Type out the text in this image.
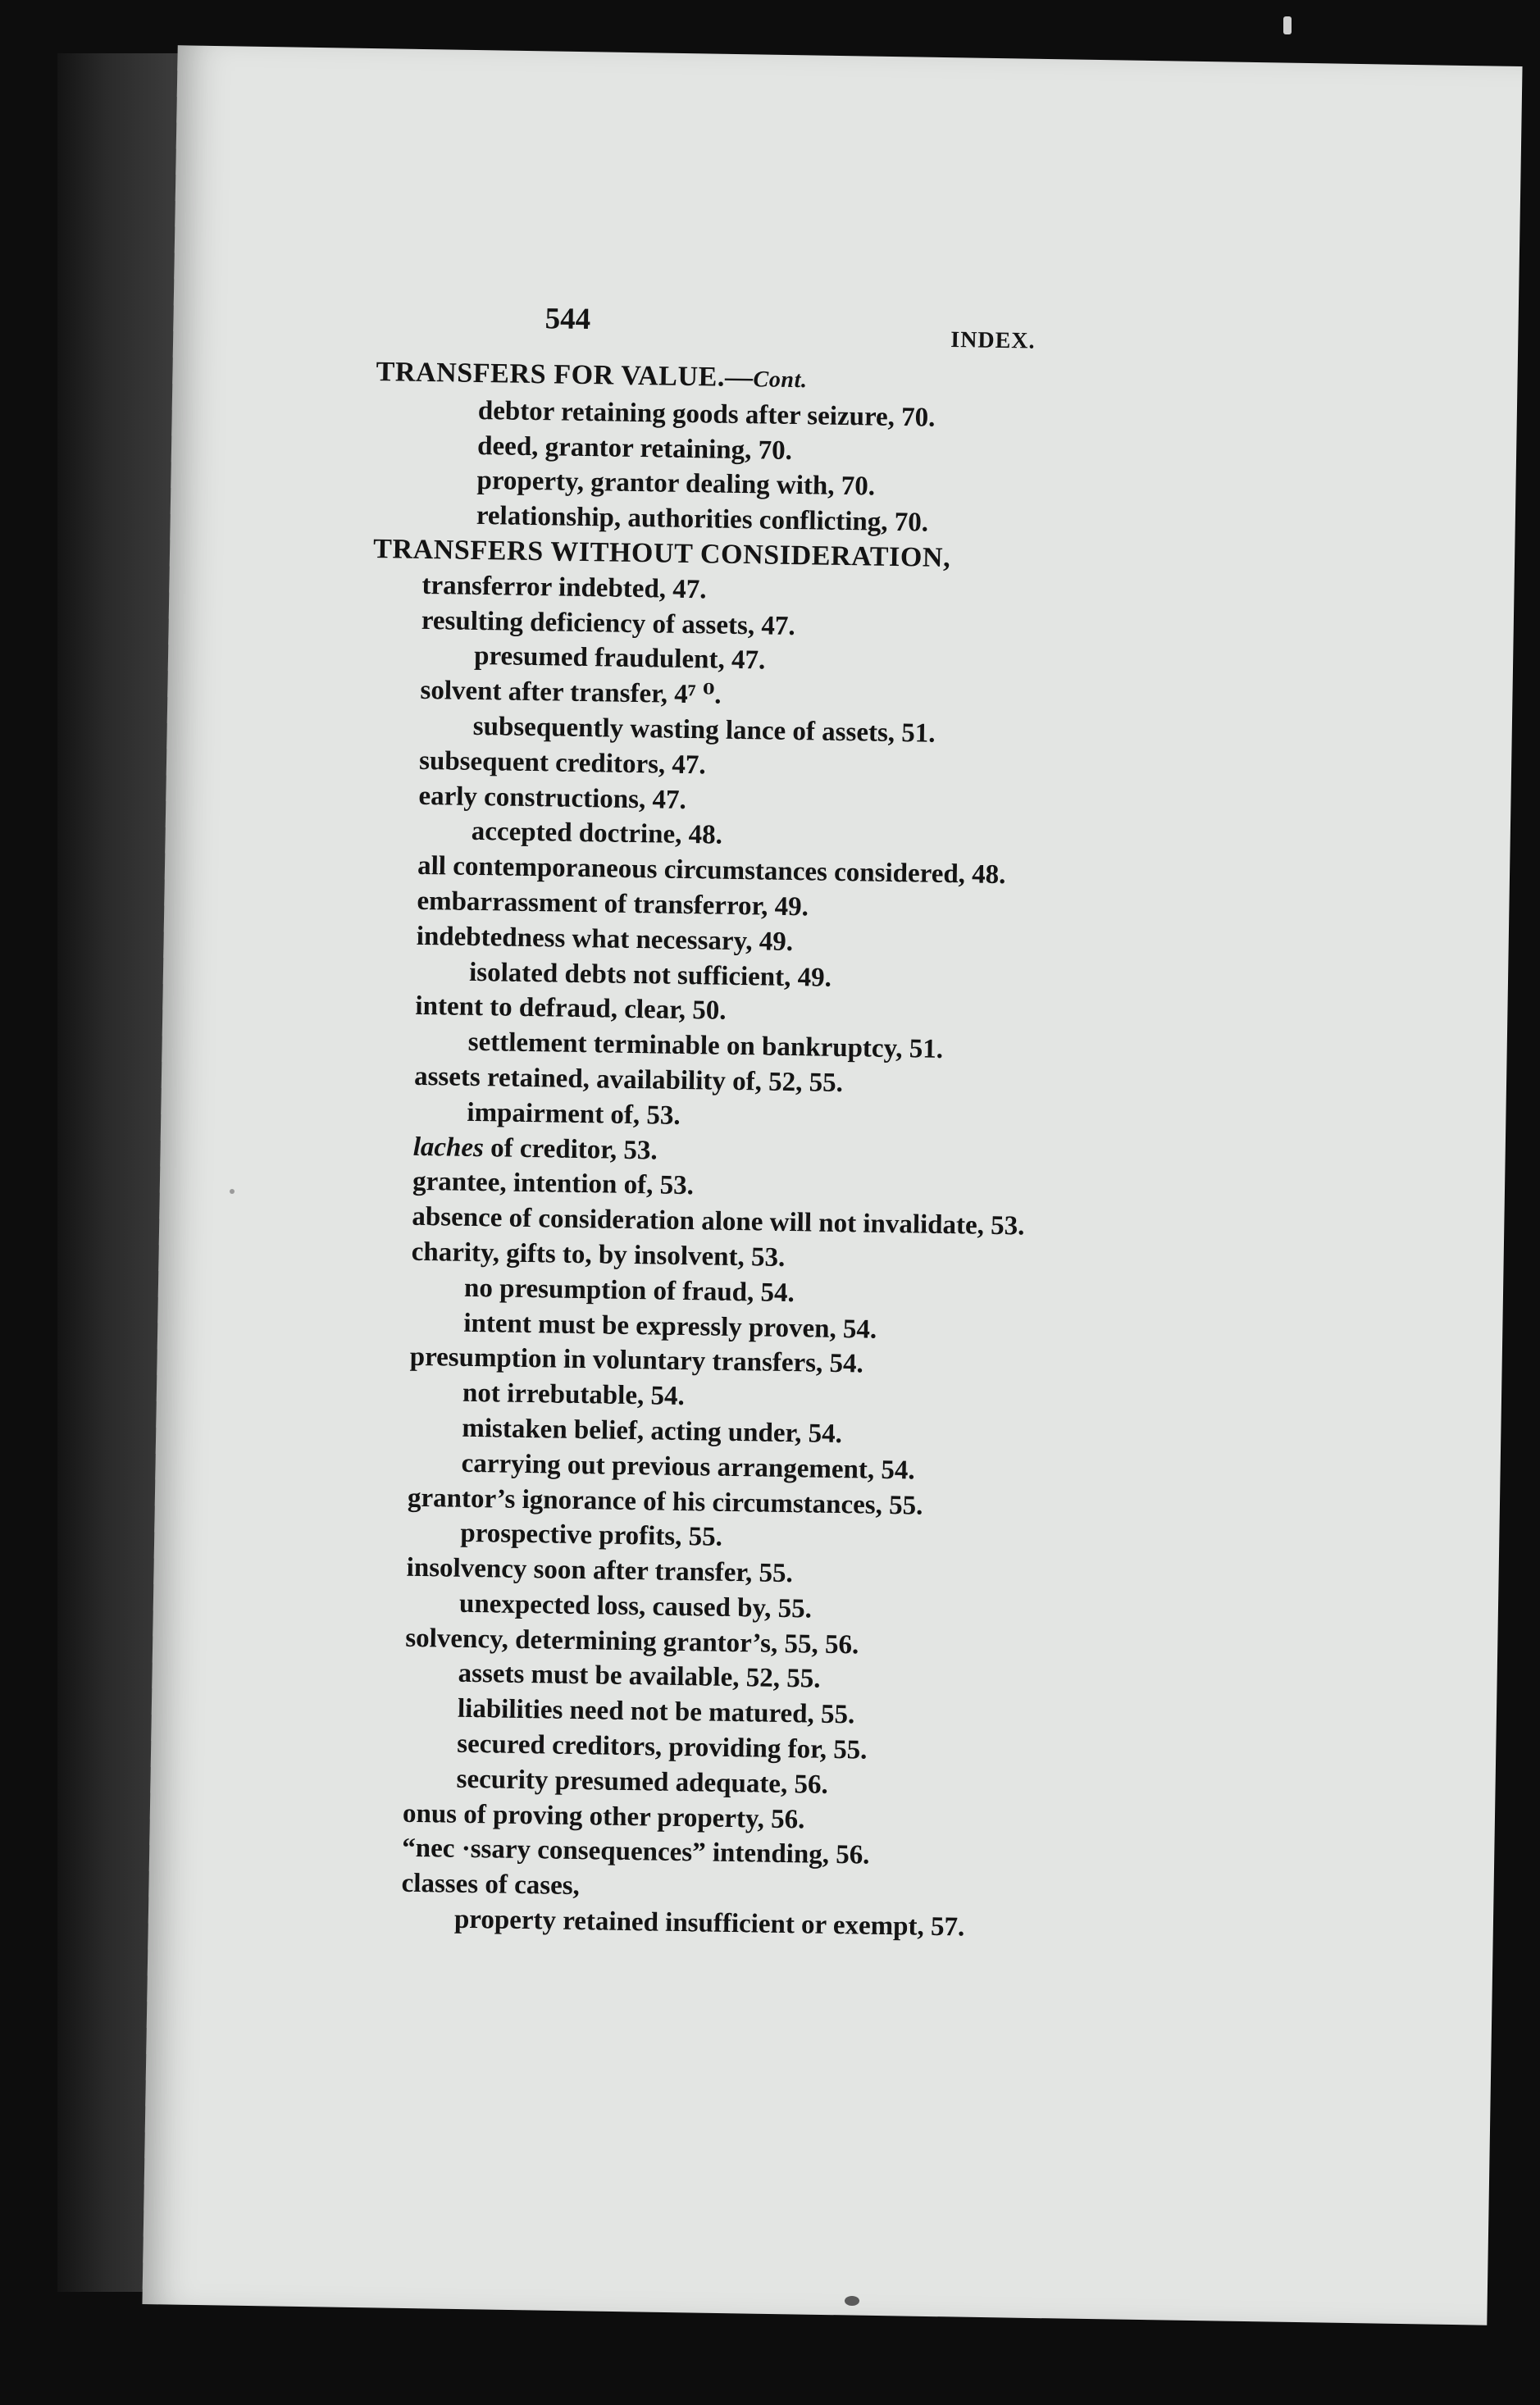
544
INDEX.
TRANSFERS FOR VALUE.—Cont.
debtor retaining goods after seizure, 70.
deed, grantor retaining, 70.
property, grantor dealing with, 70.
relationship, authorities conflicting, 70.
TRANSFERS WITHOUT CONSIDERATION,
transferror indebted, 47.
resulting deficiency of assets, 47.
presumed fraudulent, 47.
solvent after transfer, 4⁷ ⁰.
subsequently wasting lance of assets, 51.
subsequent creditors, 47.
early constructions, 47.
accepted doctrine, 48.
all contemporaneous circumstances considered, 48.
embarrassment of transferror, 49.
indebtedness what necessary, 49.
isolated debts not sufficient, 49.
intent to defraud, clear, 50.
settlement terminable on bankruptcy, 51.
assets retained, availability of, 52, 55.
impairment of, 53.
laches of creditor, 53.
grantee, intention of, 53.
absence of consideration alone will not invalidate, 53.
charity, gifts to, by insolvent, 53.
no presumption of fraud, 54.
intent must be expressly proven, 54.
presumption in voluntary transfers, 54.
not irrebutable, 54.
mistaken belief, acting under, 54.
carrying out previous arrangement, 54.
grantor’s ignorance of his circumstances, 55.
prospective profits, 55.
insolvency soon after transfer, 55.
unexpected loss, caused by, 55.
solvency, determining grantor’s, 55, 56.
assets must be available, 52, 55.
liabilities need not be matured, 55.
secured creditors, providing for, 55.
security presumed adequate, 56.
onus of proving other property, 56.
“nec ·ssary consequences” intending, 56.
classes of cases,
property retained insufficient or exempt, 57.
